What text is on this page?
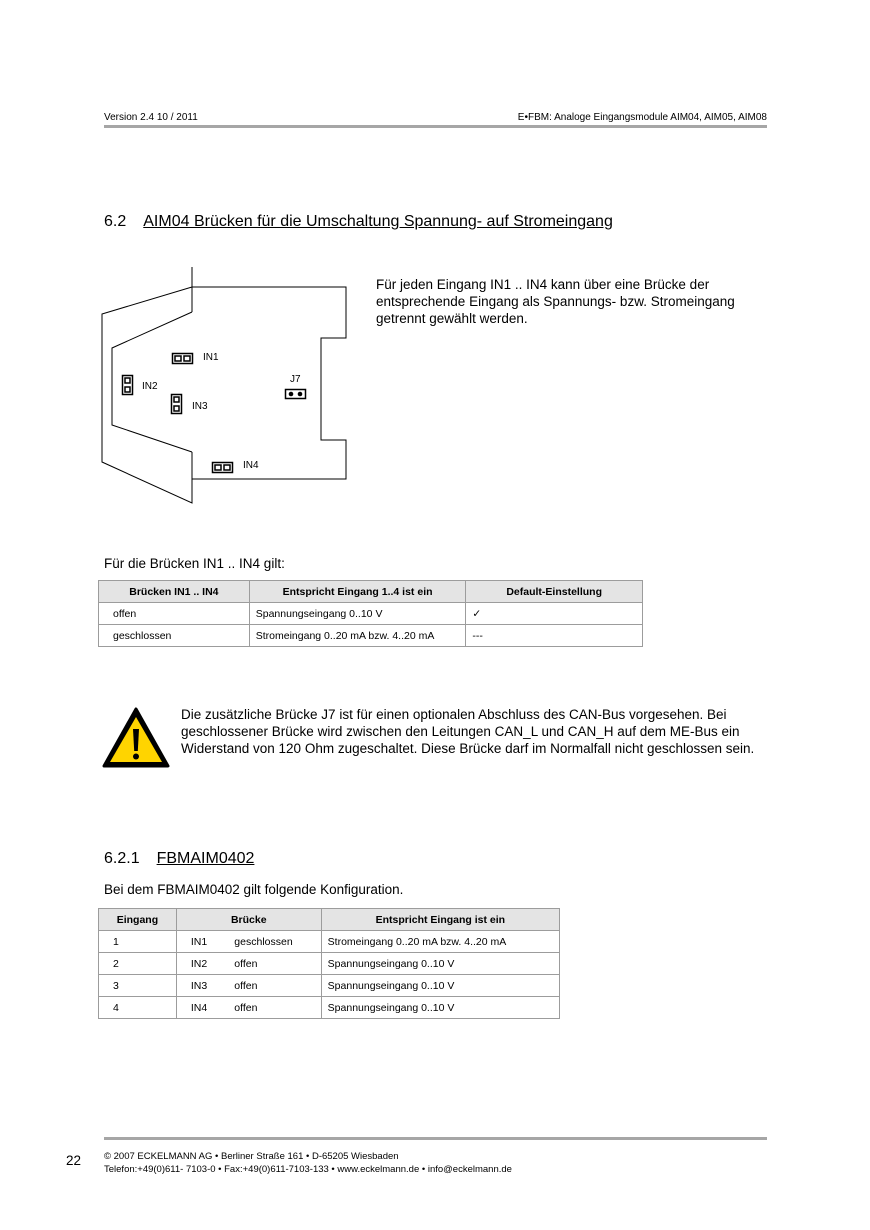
Version 2.4 10 / 2011	E•FBM: Analoge Eingangsmodule AIM04, AIM05, AIM08
6.2 AIM04 Brücken für die Umschaltung Spannung- auf Stromeingang
IN1
IN2
IN3
J7
IN4
Für jeden Eingang IN1 .. IN4 kann über eine Brücke der entsprechende Eingang als Spannungs- bzw. Stromeingang getrennt gewählt werden.
Für die Brücken IN1 .. IN4 gilt:
Brücken IN1 .. IN4	Entspricht Eingang 1..4 ist ein	Default-Einstellung
offen	Spannungseingang 0..10 V	✓
geschlossen	Stromeingang 0..20 mA bzw. 4..20 mA	---
Die zusätzliche Brücke J7 ist für einen optionalen Abschluss des CAN-Bus vorgesehen. Bei geschlossener Brücke wird zwischen den Leitungen CAN_L und CAN_H auf dem ME-Bus ein Widerstand von 120 Ohm zugeschaltet. Diese Brücke darf im Normalfall nicht geschlossen sein.
6.2.1 FBMAIM0402
Bei dem FBMAIM0402 gilt folgende Konfiguration.
Eingang	Brücke		Entspricht Eingang ist ein
1	IN1	geschlossen	Stromeingang 0..20 mA bzw. 4..20 mA
2	IN2	offen	Spannungseingang 0..10 V
3	IN3	offen	Spannungseingang 0..10 V
4	IN4	offen	Spannungseingang 0..10 V
22 © 2007 ECKELMANN AG • Berliner Straße 161 • D-65205 Wiesbaden
Telefon:+49(0)611- 7103-0 • Fax:+49(0)611-7103-133 • www.eckelmann.de • info@eckelmann.de
